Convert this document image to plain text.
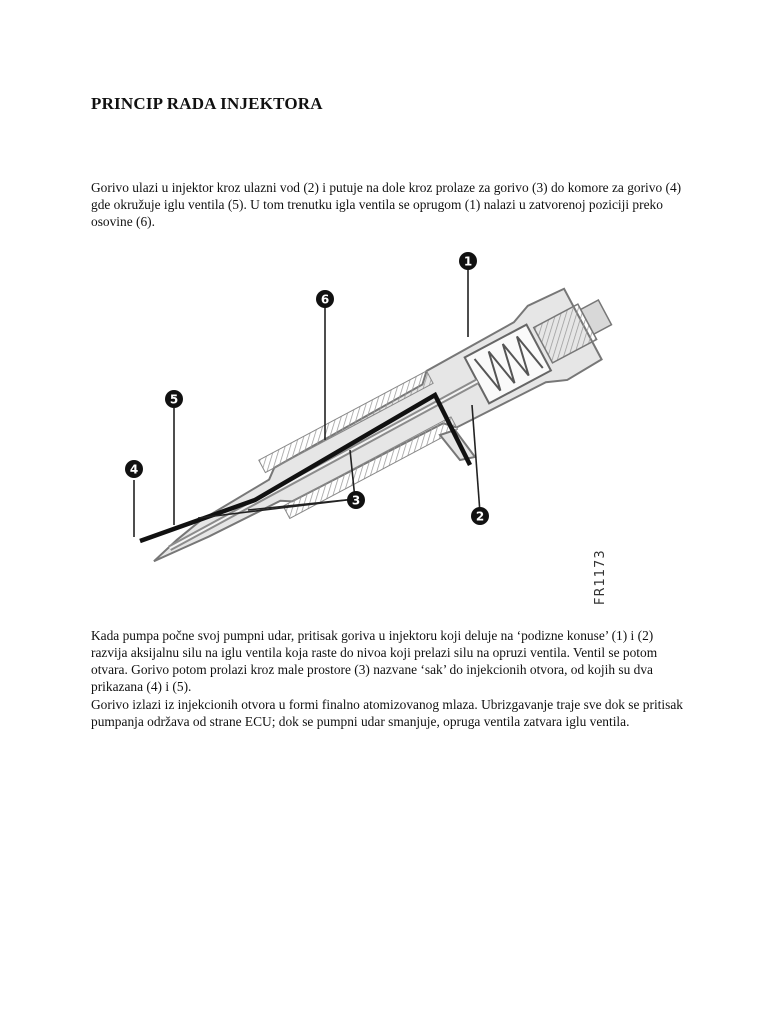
PRINCIP RADA INJEKTORA

Gorivo ulazi u injektor kroz ulazni vod (2) i putuje na dole kroz prolaze za gorivo (3) do komore za gorivo (4) gde okružuje iglu ventila (5). U tom trenutku igla ventila se oprugom (1) nalazi u zatvorenoj poziciji preko osovine (6).

1
2
3
4
5
6
FR1173

Kada pumpa počne svoj pumpni udar, pritisak goriva u injektoru koji deluje na ‘podizne konuse’ (1) i (2) razvija aksijalnu silu na iglu ventila koja raste do nivoa koji prelazi silu na opruzi ventila. Ventil se potom otvara. Gorivo potom prolazi kroz male prostore (3) nazvane ‘sak’ do injekcionih otvora, od kojih su dva prikazana (4) i (5).

Gorivo izlazi iz injekcionih otvora u formi finalno atomizovanog mlaza. Ubrizgavanje traje sve dok se pritisak pumpanja održava od strane ECU; dok se pumpni udar smanjuje, opruga ventila zatvara iglu ventila.
